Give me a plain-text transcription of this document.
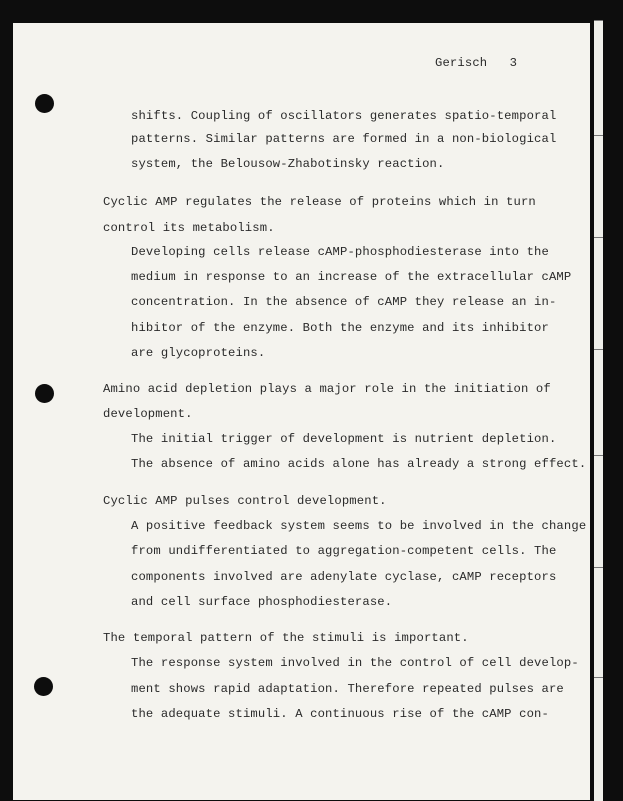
Gerisch 3
shifts. Coupling of oscillators generates spatio-temporal
patterns. Similar patterns are formed in a non-biological
system, the Belousow-Zhabotinsky reaction.
Cyclic AMP regulates the release of proteins which in turn
control its metabolism.
Developing cells release cAMP-phosphodiesterase into the
medium in response to an increase of the extracellular cAMP
concentration. In the absence of cAMP they release an in-
hibitor of the enzyme. Both the enzyme and its inhibitor
are glycoproteins.
Amino acid depletion plays a major role in the initiation of
development.
The initial trigger of development is nutrient depletion.
The absence of amino acids alone has already a strong effect.
Cyclic AMP pulses control development.
A positive feedback system seems to be involved in the change
from undifferentiated to aggregation-competent cells. The
components involved are adenylate cyclase, cAMP receptors
and cell surface phosphodiesterase.
The temporal pattern of the stimuli is important.
The response system involved in the control of cell develop-
ment shows rapid adaptation. Therefore repeated pulses are
the adequate stimuli. A continuous rise of the cAMP con-
